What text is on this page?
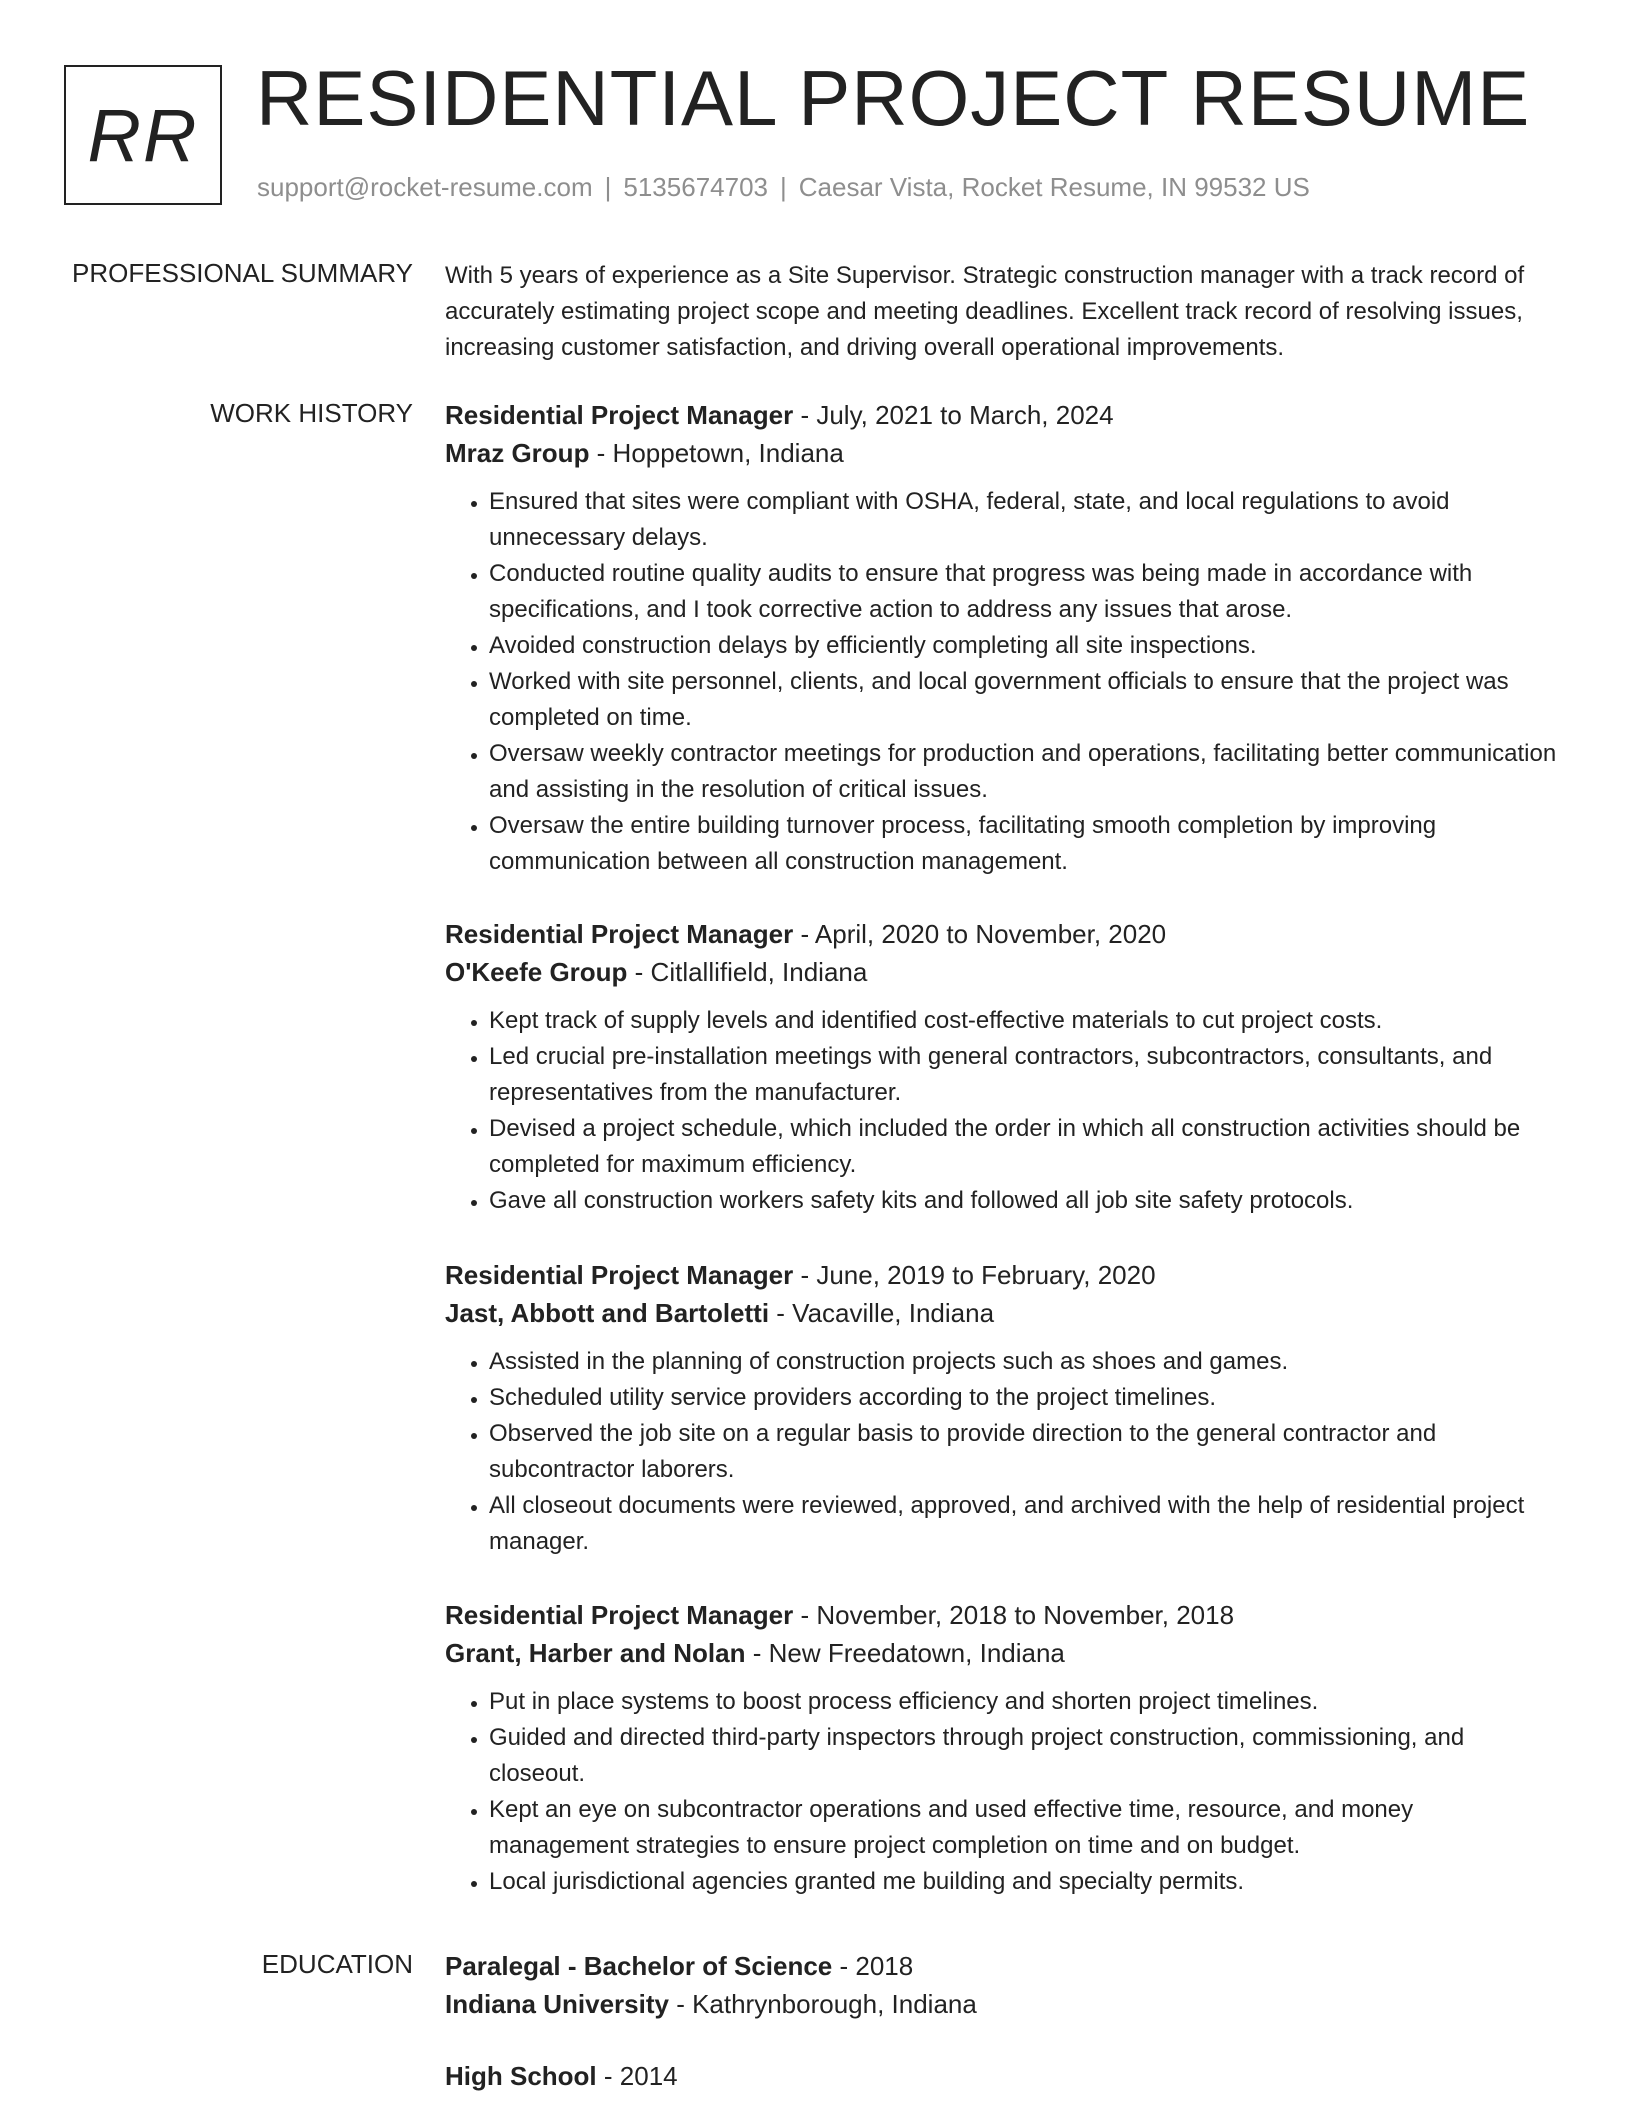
RR RESIDENTIAL PROJECT RESUME
support@rocket-resume.com | 5135674703 | Caesar Vista, Rocket Resume, IN 99532 US
PROFESSIONAL SUMMARY With 5 years of experience as a Site Supervisor. Strategic construction manager with a track record of accurately estimating project scope and meeting deadlines. Excellent track record of resolving issues, increasing customer satisfaction, and driving overall operational improvements.

WORK HISTORY Residential Project Manager - July, 2021 to March, 2024
Mraz Group - Hoppetown, Indiana
• Ensured that sites were compliant with OSHA, federal, state, and local regulations to avoid unnecessary delays.
• Conducted routine quality audits to ensure that progress was being made in accordance with specifications, and I took corrective action to address any issues that arose.
• Avoided construction delays by efficiently completing all site inspections.
• Worked with site personnel, clients, and local government officials to ensure that the project was completed on time.
• Oversaw weekly contractor meetings for production and operations, facilitating better communication and assisting in the resolution of critical issues.
• Oversaw the entire building turnover process, facilitating smooth completion by improving communication between all construction management.
Residential Project Manager - April, 2020 to November, 2020
O'Keefe Group - Citlallifield, Indiana
• Kept track of supply levels and identified cost-effective materials to cut project costs.
• Led crucial pre-installation meetings with general contractors, subcontractors, consultants, and representatives from the manufacturer.
• Devised a project schedule, which included the order in which all construction activities should be completed for maximum efficiency.
• Gave all construction workers safety kits and followed all job site safety protocols.
Residential Project Manager - June, 2019 to February, 2020
Jast, Abbott and Bartoletti - Vacaville, Indiana
• Assisted in the planning of construction projects such as shoes and games.
• Scheduled utility service providers according to the project timelines.
• Observed the job site on a regular basis to provide direction to the general contractor and subcontractor laborers.
• All closeout documents were reviewed, approved, and archived with the help of residential project manager.
Residential Project Manager - November, 2018 to November, 2018
Grant, Harber and Nolan - New Freedatown, Indiana
• Put in place systems to boost process efficiency and shorten project timelines.
• Guided and directed third-party inspectors through project construction, commissioning, and closeout.
• Kept an eye on subcontractor operations and used effective time, resource, and money management strategies to ensure project completion on time and on budget.
• Local jurisdictional agencies granted me building and specialty permits.
EDUCATION Paralegal - Bachelor of Science - 2018
Indiana University - Kathrynborough, Indiana
High School - 2014
